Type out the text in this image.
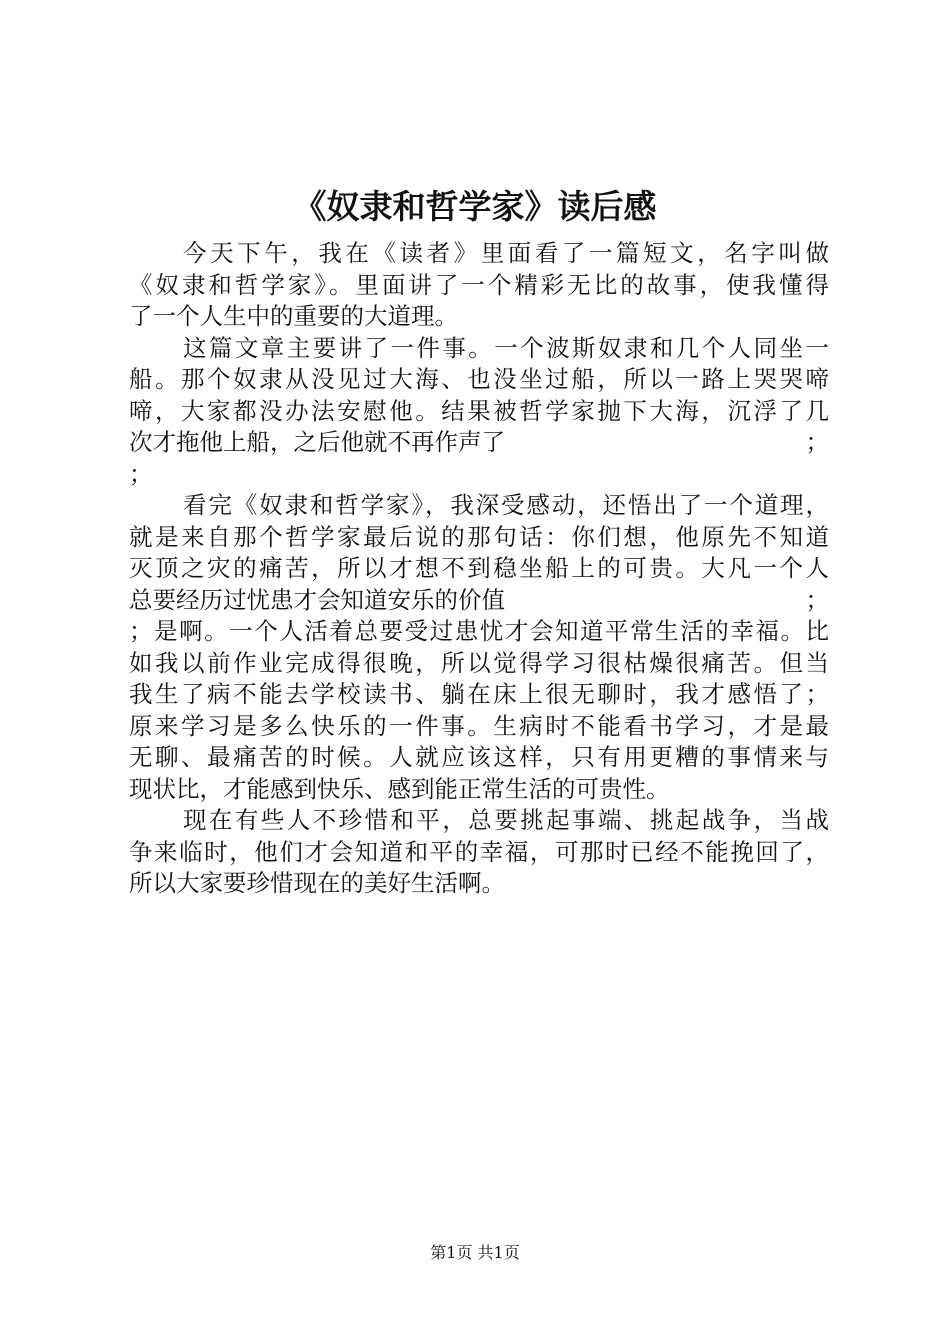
《奴隶和哲学家》读后感
今天下午，我在《读者》里面看了一篇短文，名字叫做
《奴隶和哲学家》。里面讲了一个精彩无比的故事，使我懂得
了一个人生中的重要的大道理。
这篇文章主要讲了一件事。一个波斯奴隶和几个人同坐一
船。那个奴隶从没见过大海、也没坐过船，所以一路上哭哭啼
啼，大家都没办法安慰他。结果被哲学家抛下大海，沉浮了几
次才拖他上船，之后他就不再作声了	；
；
看完《奴隶和哲学家》，我深受感动，还悟出了一个道理，
就是来自那个哲学家最后说的那句话：你们想，他原先不知道
灭顶之灾的痛苦，所以才想不到稳坐船上的可贵。大凡一个人
总要经历过忧患才会知道安乐的价值	；
；是啊。一个人活着总要受过患忧才会知道平常生活的幸福。比
如我以前作业完成得很晚，所以觉得学习很枯燥很痛苦。但当
我生了病不能去学校读书、躺在床上很无聊时，我才感悟了；
原来学习是多么快乐的一件事。生病时不能看书学习，才是最
无聊、最痛苦的时候。人就应该这样，只有用更糟的事情来与
现状比，才能感到快乐、感到能正常生活的可贵性。
现在有些人不珍惜和平，总要挑起事端、挑起战争，当战
争来临时，他们才会知道和平的幸福，可那时已经不能挽回了，
所以大家要珍惜现在的美好生活啊。
第1页 共1页
